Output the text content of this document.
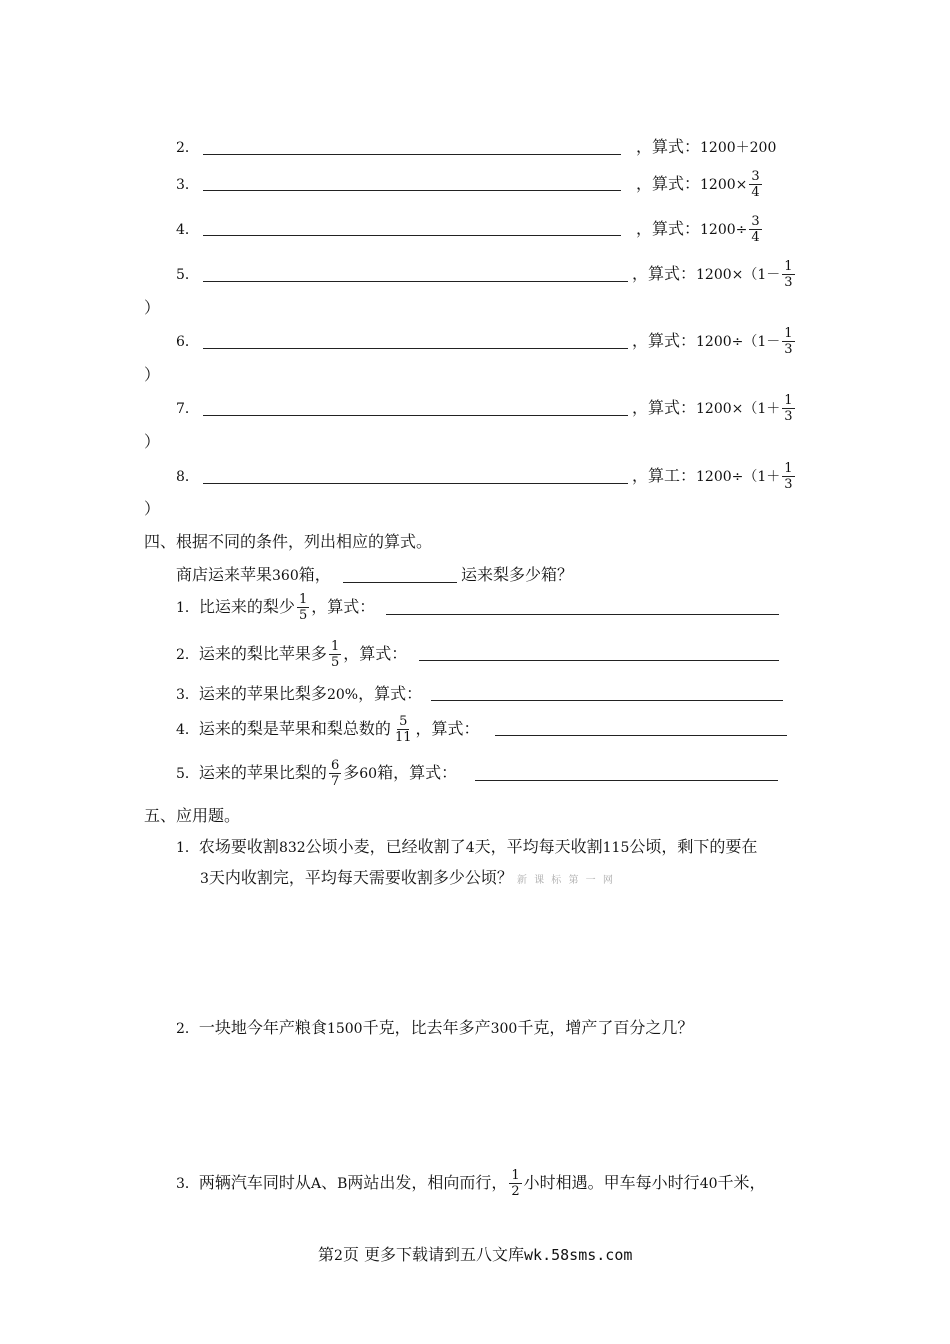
2．	，算式：1200＋200
3．	，算式：$1200\times \frac{3}{4}$
4．	，算式：$1200\div \frac{3}{4}$
5．	，算式：$1200\times(1- \frac{1}{3}$
）
6．	，算式：$1200\div(1- \frac{1}{3}$
）
7．	，算式：$1200\times(1+ \frac{1}{3}$
）
8．	，算工：$1200\div(1+ \frac{1}{3}$
）
四、根据不同的条件，列出相应的算式。
商店运来苹果360箱，	运来梨多少箱？
1．比运来的梨少 $\frac{1}{5}$ ，算式：
2．运来的梨比苹果多 $\frac{1}{5}$ ，算式：
3．运来的苹果比梨多20%，算式：
4．运来的梨是苹果和梨总数的 $\frac{5}{11}$ ，算式：
5．运来的苹果比梨的 $\frac{6}{7}$ 多60箱，算式：
五、应用题。
1．农场要收割832公顷小麦，已经收割了4天，平均每天收割115公顷，剩下的要在
3天内收割完，平均每天需要收割多少公顷？ 新 课 标 第 一 网
2．一块地今年产粮食1500千克，比去年多产300千克，增产了百分之几？
3．两辆汽车同时从A、B两站出发，相向而行， $\frac{1}{2}$ 小时相遇。甲车每小时行40千米，
第2页 更多下载请到五八文库wk.58sms.com
